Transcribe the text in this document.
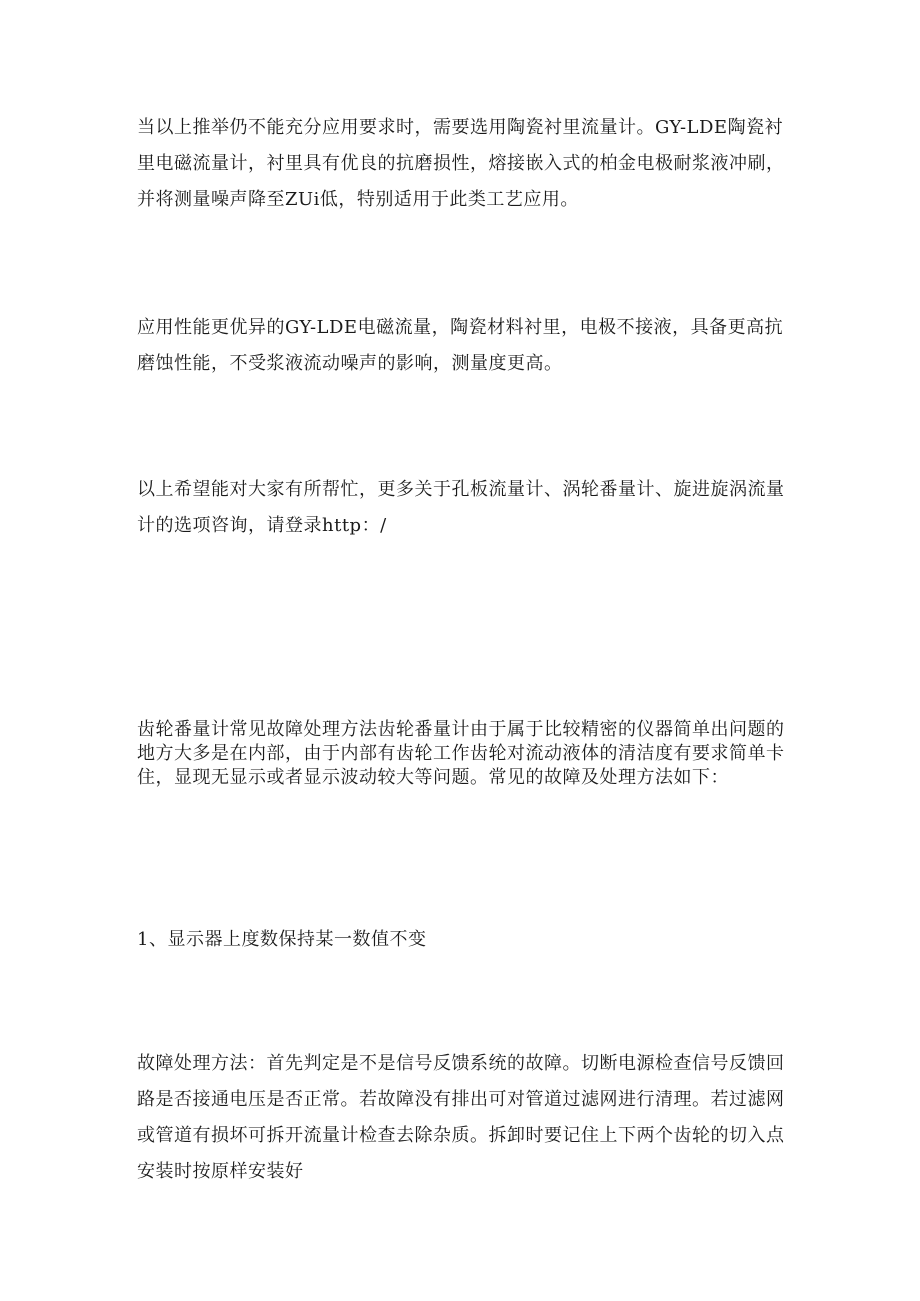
当以上推举仍不能充分应用要求时，需要选用陶瓷衬里流量计。GY-LDE陶瓷衬里电磁流量计，衬里具有优良的抗磨损性，熔接嵌入式的柏金电极耐浆液冲刷，并将测量噪声降至ZUi低，特别适用于此类工艺应用。

应用性能更优异的GY-LDE电磁流量，陶瓷材料衬里，电极不接液，具备更高抗磨蚀性能，不受浆液流动噪声的影响，测量度更高。

以上希望能对大家有所帮忙，更多关于孔板流量计、涡轮番量计、旋进旋涡流量计的选项咨询，请登录http：/

齿轮番量计常见故障处理方法齿轮番量计由于属于比较精密的仪器简单出问题的地方大多是在内部，由于内部有齿轮工作齿轮对流动液体的清洁度有要求简单卡住，显现无显示或者显示波动较大等问题。常见的故障及处理方法如下：

1、显示器上度数保持某一数值不变

故障处理方法：首先判定是不是信号反馈系统的故障。切断电源检查信号反馈回路是否接通电压是否正常。若故障没有排出可对管道过滤网进行清理。若过滤网或管道有损坏可拆开流量计检查去除杂质。拆卸时要记住上下两个齿轮的切入点安装时按原样安装好
